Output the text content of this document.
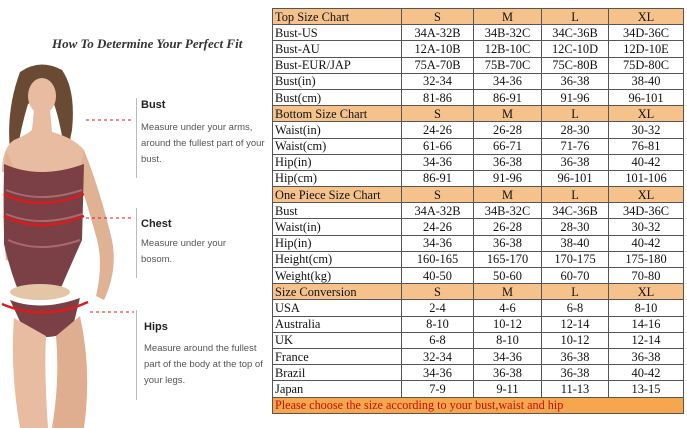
How To Determine Your Perfect Fit
Bust
Measure under your arms, around the fullest part of your bust.
Chest
Measure under your bosom.
Hips
Measure around the fullest part of the body at the top of your legs.
Top Size Chart	S	M	L	XL
Bust-US	34A-32B	34B-32C	34C-36B	34D-36C
Bust-AU	12A-10B	12B-10C	12C-10D	12D-10E
Bust-EUR/JAP	75A-70B	75B-70C	75C-80B	75D-80C
Bust(in)	32-34	34-36	36-38	38-40
Bust(cm)	81-86	86-91	91-96	96-101
Bottom Size Chart	S	M	L	XL
Waist(in)	24-26	26-28	28-30	30-32
Waist(cm)	61-66	66-71	71-76	76-81
Hip(in)	34-36	36-38	36-38	40-42
Hip(cm)	86-91	91-96	96-101	101-106
One Piece Size Chart	S	M	L	XL
Bust	34A-32B	34B-32C	34C-36B	34D-36C
Waist(in)	24-26	26-28	28-30	30-32
Hip(in)	34-36	36-38	38-40	40-42
Height(cm)	160-165	165-170	170-175	175-180
Weight(kg)	40-50	50-60	60-70	70-80
Size Conversion	S	M	L	XL
USA	2-4	4-6	6-8	8-10
Australia	8-10	10-12	12-14	14-16
UK	6-8	8-10	10-12	12-14
France	32-34	34-36	36-38	36-38
Brazil	34-36	36-38	36-38	40-42
Japan	7-9	9-11	11-13	13-15
Please choose the size according to your bust,waist and hip				
